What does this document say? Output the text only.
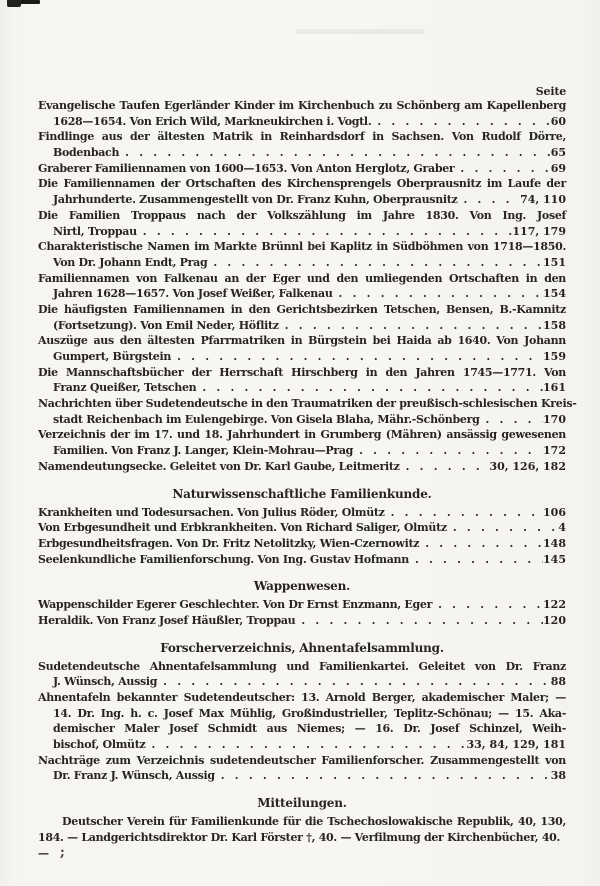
Seite
Evangelische Taufen Egerländer Kinder im Kirchenbuch zu Schönberg am Kapellenberg
1628—1654. Von Erich Wild, Markneukirchen i. Vogtl. . . .	60
Findlinge aus der ältesten Matrik in Reinhardsdorf in Sachsen. Von Rudolf Dörre,
Bodenbach . . .	65
Graberer Familiennamen von 1600—1653. Von Anton Herglotz, Graber . . .	69
Die Familiennamen der Ortschaften des Kirchensprengels Oberprausnitz im Laufe der
Jahrhunderte. Zusammengestellt von Dr. Franz Kuhn, Oberprausnitz . . .	74, 110
Die Familien Troppaus nach der Volkszählung im Jahre 1830. Von Ing. Josef
Nirtl, Troppau . . .	117, 179
Charakteristische Namen im Markte Brünnl bei Kaplitz in Südböhmen von 1718—1850.
Von Dr. Johann Endt, Prag . . .	151
Familiennamen von Falkenau an der Eger und den umliegenden Ortschaften in den
Jahren 1628—1657. Von Josef Weißer, Falkenau . . .	154
Die häufigsten Familiennamen in den Gerichtsbezirken Tetschen, Bensen, B.-Kamnitz
(Fortsetzung). Von Emil Neder, Höflitz . . .	158
Auszüge aus den ältesten Pfarrmatriken in Bürgstein bei Haida ab 1640. Von Johann
Gumpert, Bürgstein . . .	159
Die Mannschaftsbücher der Herrschaft Hirschberg in den Jahren 1745—1771. Von
Franz Queißer, Tetschen . . .	161
Nachrichten über Sudetendeutsche in den Traumatriken der preußisch-schlesischen Kreis-
stadt Reichenbach im Eulengebirge. Von Gisela Blaha, Mähr.-Schönberg . . .	170
Verzeichnis der im 17. und 18. Jahrhundert in Grumberg (Mähren) ansässig gewesenen
Familien. Von Franz J. Langer, Klein-Mohrau—Prag . . .	172
Namendeutungsecke. Geleitet von Dr. Karl Gaube, Leitmeritz . . .	30, 126, 182
Naturwissenschaftliche Familienkunde.
Krankheiten und Todesursachen. Von Julius Röder, Olmütz . . .	106
Von Erbgesundheit und Erbkrankheiten. Von Richard Saliger, Olmütz . . .	4
Erbgesundheitsfragen. Von Dr. Fritz Netolitzky, Wien-Czernowitz . . .	148
Seelenkundliche Familienforschung. Von Ing. Gustav Hofmann . . .	145
Wappenwesen.
Wappenschilder Egerer Geschlechter. Von Dr Ernst Enzmann, Eger . . .	122
Heraldik. Von Franz Josef Häußler, Troppau . . .	120
Forscherverzeichnis, Ahnentafelsammlung.
Sudetendeutsche Ahnentafelsammlung und Familienkartei. Geleitet von Dr. Franz
J. Wünsch, Aussig . . .	88
Ahnentafeln bekannter Sudetendeutscher: 13. Arnold Berger, akademischer Maler; —
14. Dr. Ing. h. c. Josef Max Mühlig, Großindustrieller, Teplitz-Schönau; — 15. Aka-
demischer Maler Josef Schmidt aus Niemes; — 16. Dr. Josef Schinzel, Weih-
bischof, Olmütz . . .	33, 84, 129, 181
Nachträge zum Verzeichnis sudetendeutscher Familienforscher. Zusammengestellt von
Dr. Franz J. Wünsch, Aussig . . .	38
Mitteilungen.
Deutscher Verein für Familienkunde für die Tschechoslowakische Republik, 40, 130,
184. — Landgerichtsdirektor Dr. Karl Förster †, 40. — Verfilmung der Kirchenbücher, 40. — ;
